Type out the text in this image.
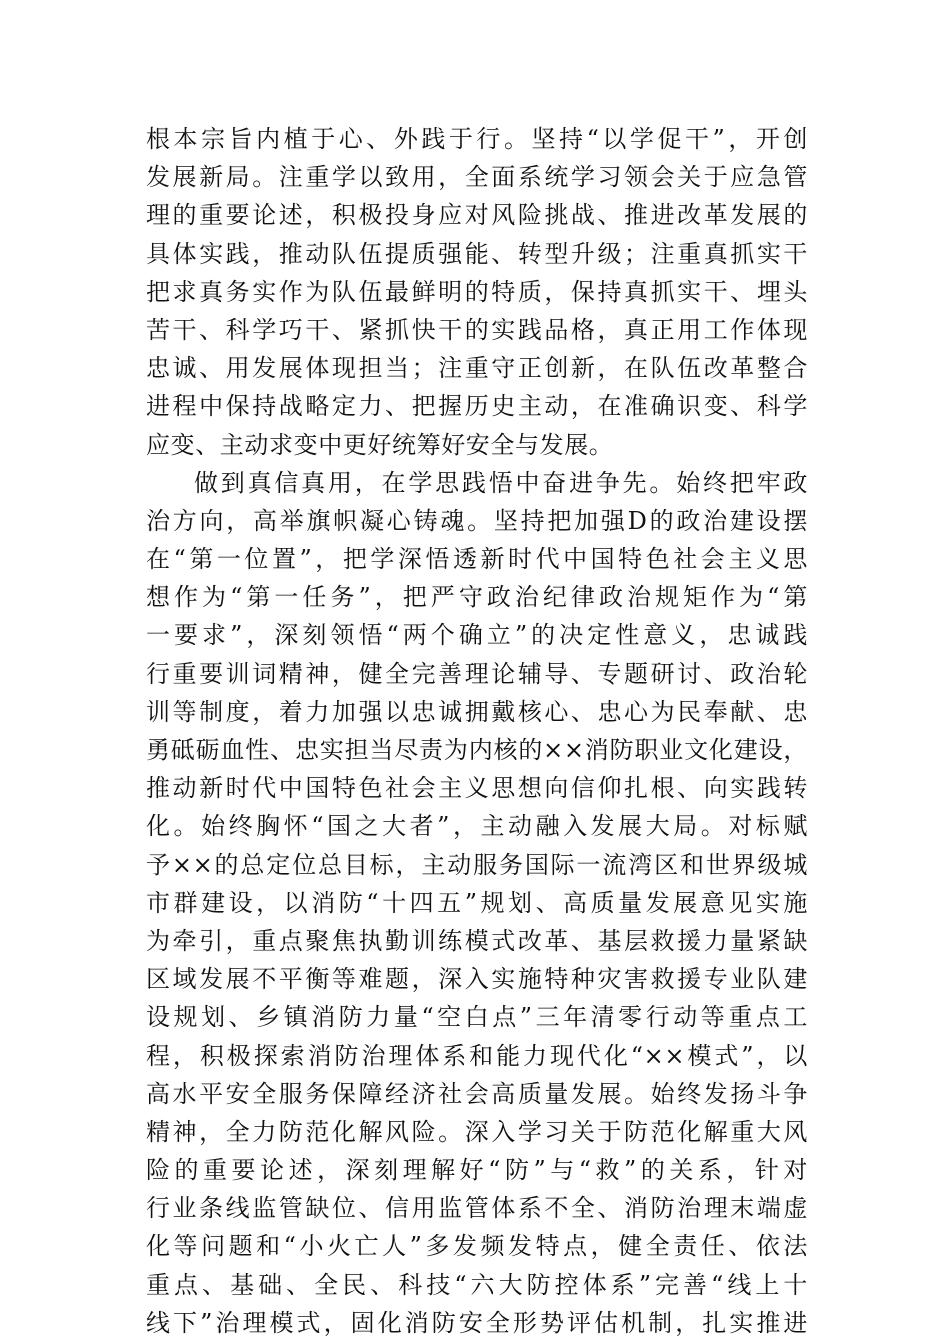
根本宗旨内植于心、外践于行。坚持“以学促干”，开创
发展新局。注重学以致用，全面系统学习领会关于应急管
理的重要论述，积极投身应对风险挑战、推进改革发展的
具体实践，推动队伍提质强能、转型升级；注重真抓实干
把求真务实作为队伍最鲜明的特质，保持真抓实干、埋头
苦干、科学巧干、紧抓快干的实践品格，真正用工作体现
忠诚、用发展体现担当；注重守正创新，在队伍改革整合
进程中保持战略定力、把握历史主动，在准确识变、科学
应变、主动求变中更好统筹好安全与发展。
做到真信真用，在学思践悟中奋进争先。始终把牢政
治方向，高举旗帜凝心铸魂。坚持把加强D的政治建设摆
在“第一位置”，把学深悟透新时代中国特色社会主义思
想作为“第一任务”，把严守政治纪律政治规矩作为“第
一要求”，深刻领悟“两个确立”的决定性意义，忠诚践
行重要训词精神，健全完善理论辅导、专题研讨、政治轮
训等制度，着力加强以忠诚拥戴核心、忠心为民奉献、忠
勇砥砺血性、忠实担当尽责为内核的××消防职业文化建设，
推动新时代中国特色社会主义思想向信仰扎根、向实践转
化。始终胸怀“国之大者”，主动融入发展大局。对标赋
予××的总定位总目标，主动服务国际一流湾区和世界级城
市群建设，以消防“十四五”规划、高质量发展意见实施
为牵引，重点聚焦执勤训练模式改革、基层救援力量紧缺
区域发展不平衡等难题，深入实施特种灾害救援专业队建
设规划、乡镇消防力量“空白点”三年清零行动等重点工
程，积极探索消防治理体系和能力现代化“××模式”，以
高水平安全服务保障经济社会高质量发展。始终发扬斗争
精神，全力防范化解风险。深入学习关于防范化解重大风
险的重要论述，深刻理解好“防”与“救”的关系，针对
行业条线监管缺位、信用监管体系不全、消防治理末端虚
化等问题和“小火亡人”多发频发特点，健全责任、依法
重点、基础、全民、科技“六大防控体系”完善“线上十
线下”治理模式，固化消防安全形势评估机制，扎实推进
